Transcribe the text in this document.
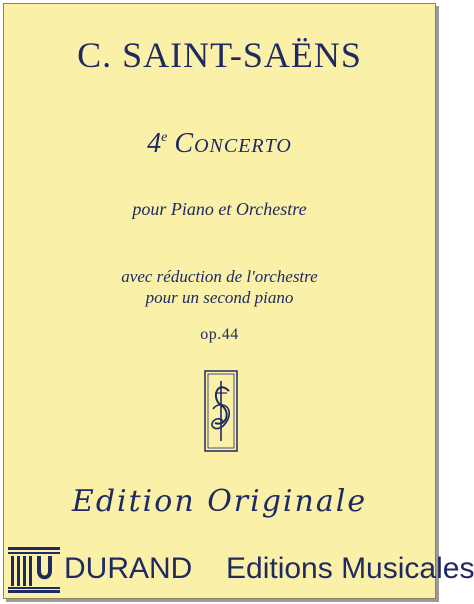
C. SAINT-SAËNS
4e Concerto
pour Piano et Orchestre
avec réduction de l'orchestre
pour un second piano
op.44
Edition Originale
DURAND Editions Musicales
